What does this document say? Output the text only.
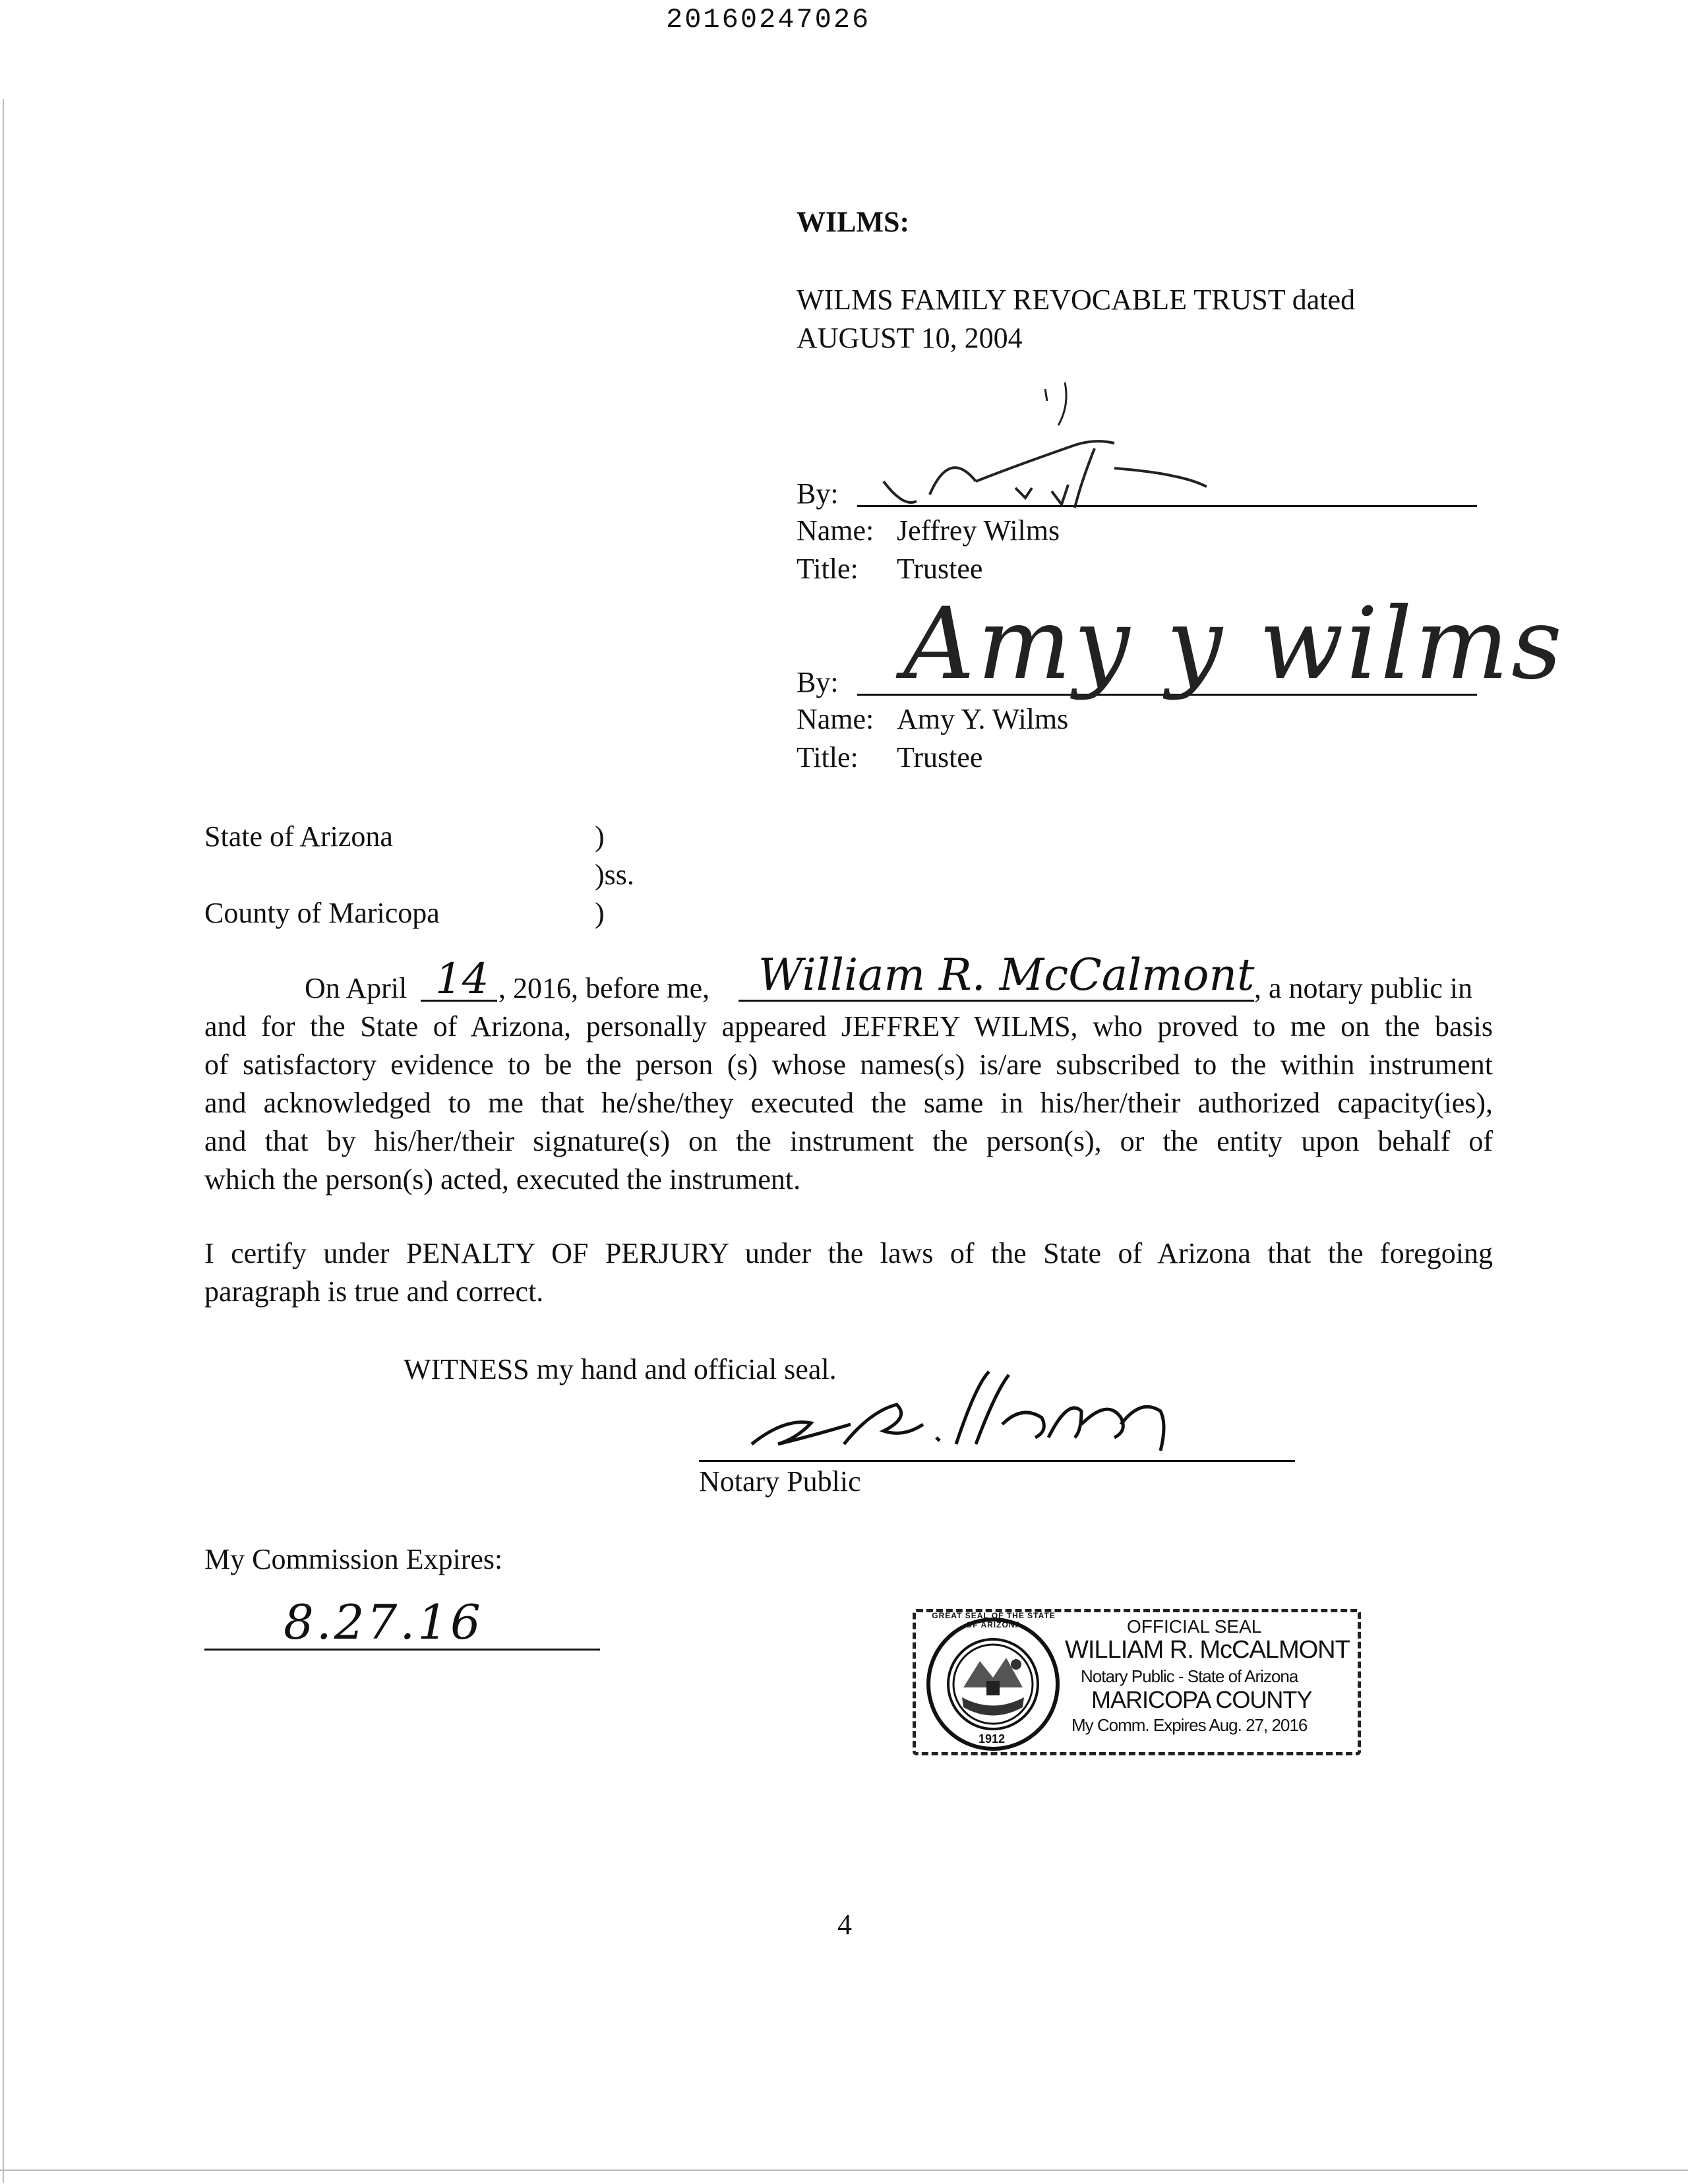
20160247026
WILMS:
WILMS FAMILY REVOCABLE TRUST dated
AUGUST 10, 2004
By:
Name: Jeffrey Wilms
Title: Trustee
By: Amy y wilms
Name: Amy Y. Wilms
Title: Trustee
State of Arizona	)
)ss.
County of Maricopa	)
On April 14 , 2016, before me, William R. McCalmont , a notary public in
and for the State of Arizona, personally appeared JEFFREY WILMS, who proved to me on the basis
of satisfactory evidence to be the person (s) whose names(s) is/are subscribed to the within instrument
and acknowledged to me that he/she/they executed the same in his/her/their authorized capacity(ies),
and that by his/her/their signature(s) on the instrument the person(s), or the entity upon behalf of
which the person(s) acted, executed the instrument.
I certify under PENALTY OF PERJURY under the laws of the State of Arizona that the foregoing
paragraph is true and correct.
WITNESS my hand and official seal.
Notary Public
My Commission Expires:
8.27.16	GREAT SEAL OF THE STATE OF ARIZONA
1912
OFFICIAL SEAL
WILLIAM R. McCALMONT
Notary Public - State of Arizona
MARICOPA COUNTY
My Comm. Expires Aug. 27, 2016
4
